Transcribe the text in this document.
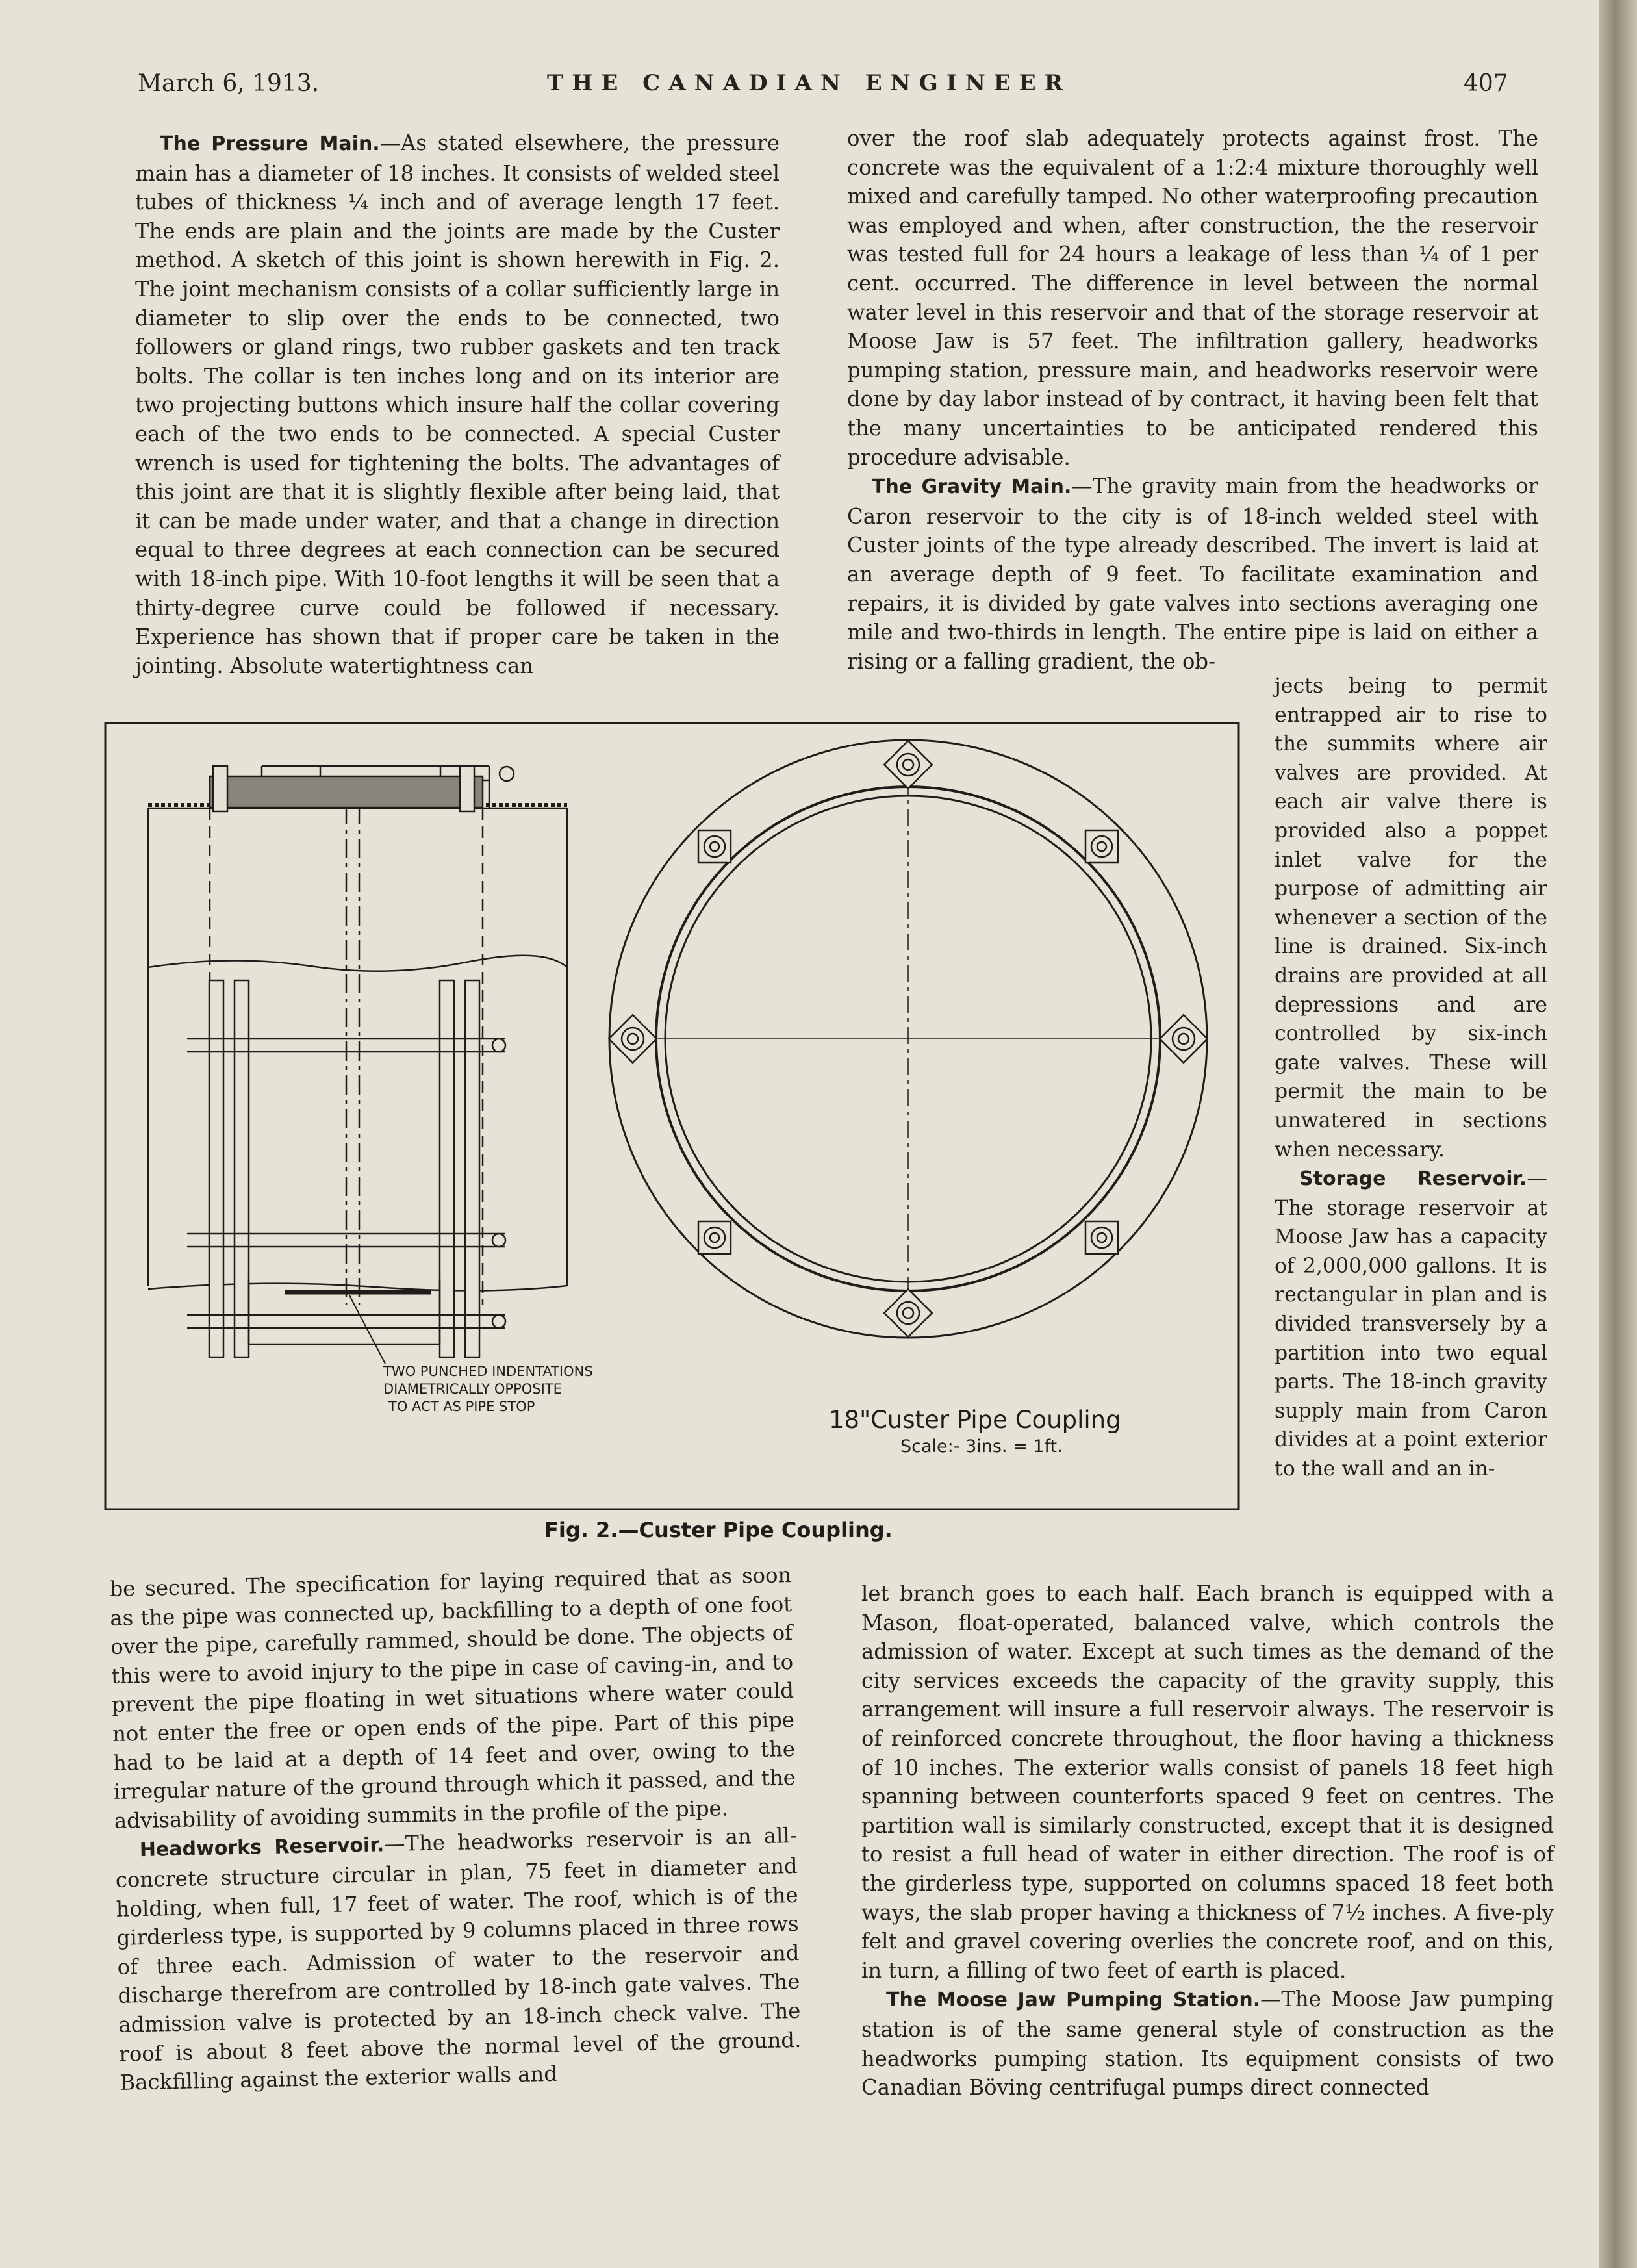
March 6, 1913.	THE CANADIAN ENGINEER	407

The Pressure Main.—As stated elsewhere, the pressure main has a diameter of 18 inches. It consists of welded steel tubes of thickness ¼ inch and of average length 17 feet. The ends are plain and the joints are made by the Custer method. A sketch of this joint is shown herewith in Fig. 2. The joint mechanism consists of a collar sufficiently large in diameter to slip over the ends to be connected, two followers or gland rings, two rubber gaskets and ten track bolts. The collar is ten inches long and on its interior are two projecting buttons which insure half the collar covering each of the two ends to be connected. A special Custer wrench is used for tightening the bolts. The advantages of this joint are that it is slightly flexible after being laid, that it can be made under water, and that a change in direction equal to three degrees at each connection can be secured with 18-inch pipe. With 10-foot lengths it will be seen that a thirty-degree curve could be followed if necessary. Experience has shown that if proper care be taken in the jointing. Absolute watertightness can

over the roof slab adequately protects against frost. The concrete was the equivalent of a 1:2:4 mixture thoroughly well mixed and carefully tamped. No other waterproofing precaution was employed and when, after construction, the the reservoir was tested full for 24 hours a leakage of less than ¼ of 1 per cent. occurred. The difference in level between the normal water level in this reservoir and that of the storage reservoir at Moose Jaw is 57 feet. The infiltration gallery, headworks pumping station, pressure main, and headworks reservoir were done by day labor instead of by contract, it having been felt that the many uncertainties to be anticipated rendered this procedure advisable.

The Gravity Main.—The gravity main from the headworks or Caron reservoir to the city is of 18-inch welded steel with Custer joints of the type already described. The invert is laid at an average depth of 9 feet. To facilitate examination and repairs, it is divided by gate valves into sections averaging one mile and two-thirds in length. The entire pipe is laid on either a rising or a falling gradient, the ob-

jects being to permit entrapped air to rise to the summits where air valves are provided. At each air valve there is provided also a poppet inlet valve for the purpose of admitting air whenever a section of the line is drained. Six-inch drains are provided at all depressions and are controlled by six-inch gate valves. These will permit the main to be unwatered in sections when necessary.

Storage Reservoir.—The storage reservoir at Moose Jaw has a capacity of 2,000,000 gallons. It is rectangular in plan and is divided transversely by a partition into two equal parts. The 18-inch gravity supply main from Caron divides at a point exterior to the wall and an in-

TWO PUNCHED INDENTATIONS
DIAMETRICALLY OPPOSITE
TO ACT AS PIPE STOP	18"Custer Pipe Coupling
Scale:- 3ins. = 1ft.
Fig. 2.—Custer Pipe Coupling.

be secured. The specification for laying required that as soon as the pipe was connected up, backfilling to a depth of one foot over the pipe, carefully rammed, should be done. The objects of this were to avoid injury to the pipe in case of caving-in, and to prevent the pipe floating in wet situations where water could not enter the free or open ends of the pipe. Part of this pipe had to be laid at a depth of 14 feet and over, owing to the irregular nature of the ground through which it passed, and the advisability of avoiding summits in the profile of the pipe.

Headworks Reservoir.—The headworks reservoir is an all-concrete structure circular in plan, 75 feet in diameter and holding, when full, 17 feet of water. The roof, which is of the girderless type, is supported by 9 columns placed in three rows of three each. Admission of water to the reservoir and discharge therefrom are controlled by 18-inch gate valves. The admission valve is protected by an 18-inch check valve. The roof is about 8 feet above the normal level of the ground. Backfilling against the exterior walls and

let branch goes to each half. Each branch is equipped with a Mason, float-operated, balanced valve, which controls the admission of water. Except at such times as the demand of the city services exceeds the capacity of the gravity supply, this arrangement will insure a full reservoir always. The reservoir is of reinforced concrete throughout, the floor having a thickness of 10 inches. The exterior walls consist of panels 18 feet high spanning between counterforts spaced 9 feet on centres. The partition wall is similarly constructed, except that it is designed to resist a full head of water in either direction. The roof is of the girderless type, supported on columns spaced 18 feet both ways, the slab proper having a thickness of 7½ inches. A five-ply felt and gravel covering overlies the concrete roof, and on this, in turn, a filling of two feet of earth is placed.

The Moose Jaw Pumping Station.—The Moose Jaw pumping station is of the same general style of construction as the headworks pumping station. Its equipment consists of two Canadian Böving centrifugal pumps direct connected
